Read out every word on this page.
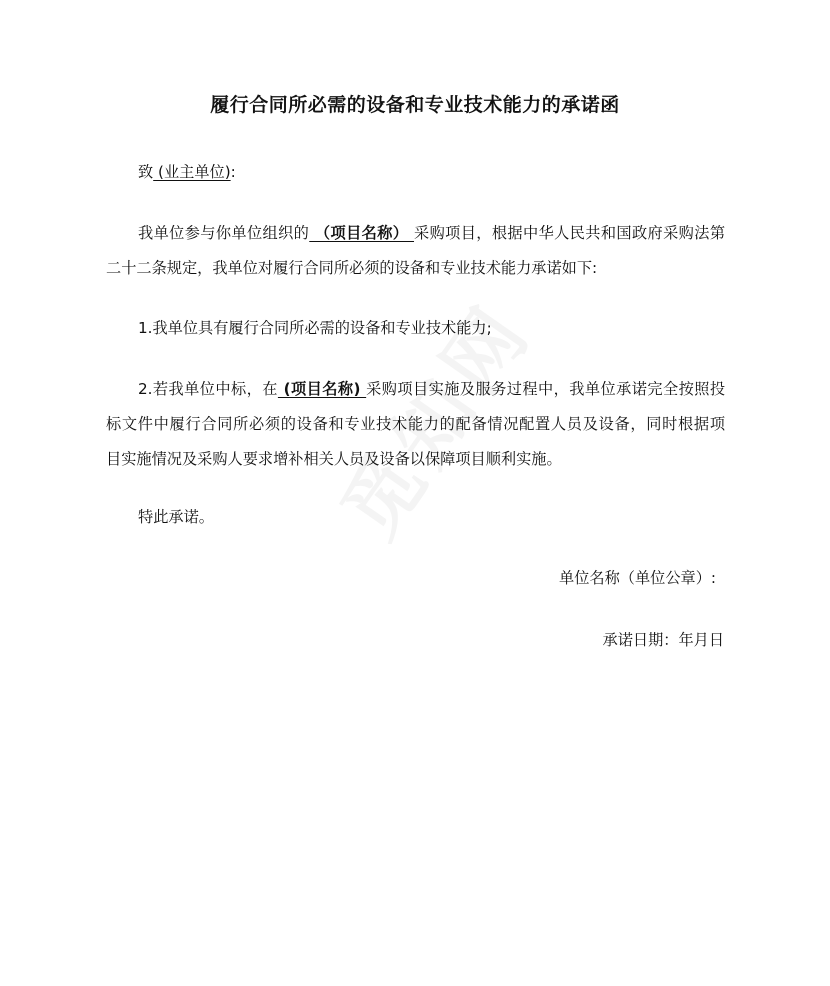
履行合同所必需的设备和专业技术能力的承诺函
致 (业主单位):
我单位参与你单位组织的 （项目名称） 采购项目，根据中华人民共和国政府采购法第
二十二条规定，我单位对履行合同所必须的设备和专业技术能力承诺如下:
1.我单位具有履行合同所必需的设备和专业技术能力;
2.若我单位中标，在 (项目名称) 采购项目实施及服务过程中，我单位承诺完全按照投
标文件中履行合同所必须的设备和专业技术能力的配备情况配置人员及设备，同时根据项
目实施情况及采购人要求增补相关人员及设备以保障项目顺利实施。
特此承诺。
单位名称（单位公章）:
承诺日期：年月日
